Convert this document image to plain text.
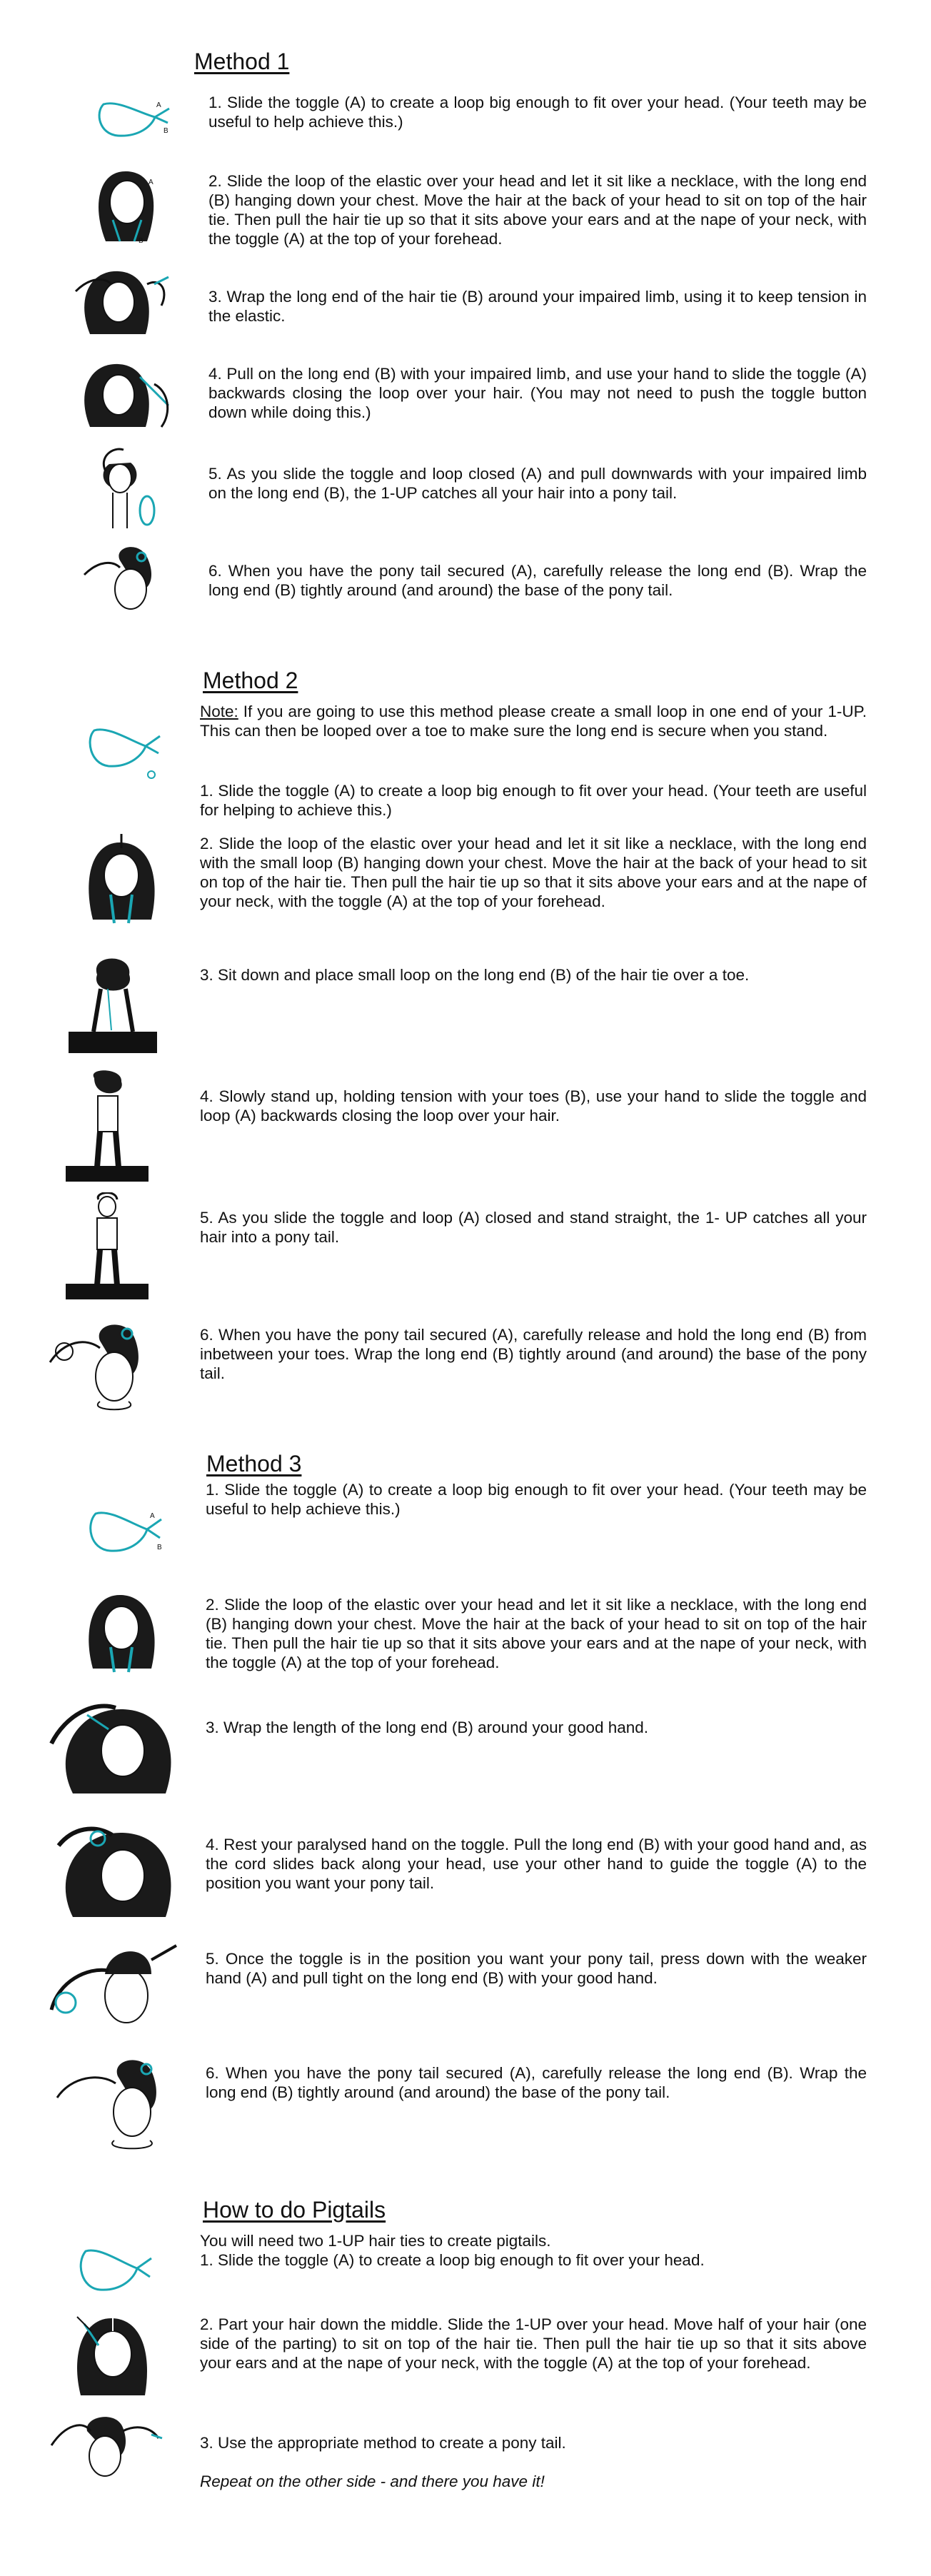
Method 1
A
B

1. Slide the toggle (A) to create a loop big enough to fit over your head. (Your teeth may be useful to help achieve this.)

A
B

2. Slide the loop of the elastic over your head and let it sit like a necklace, with the long end (B) hanging down your chest. Move the hair at the back of your head to sit on top of the hair tie. Then pull the hair tie up so that it sits above your ears and at the nape of your neck, with the toggle (A) at the top of your forehead.

3. Wrap the long end of the hair tie (B) around your impaired limb, using it to keep tension in the elastic.

4. Pull on the long end (B) with your impaired limb, and use your hand to slide the toggle (A) backwards closing the loop over your hair. (You may not need to push the toggle button down while doing this.)

5. As you slide the toggle and loop closed (A) and pull downwards with your impaired limb on the long end (B), the 1-UP catches all your hair into a pony tail.

6. When you have the pony tail secured (A), carefully release the long end (B). Wrap the long end (B) tightly around (and around) the base of the pony tail.

Method 2

Note: If you are going to use this method please create a small loop in one end of your 1-UP. This can then be looped over a toe to make sure the long end is secure when you stand.

1. Slide the toggle (A) to create a loop big enough to fit over your head. (Your teeth are useful for helping to achieve this.)

2. Slide the loop of the elastic over your head and let it sit like a necklace, with the long end with the small loop (B) hanging down your chest. Move the hair at the back of your head to sit on top of the hair tie. Then pull the hair tie up so that it sits above your ears and at the nape of your neck, with the toggle (A) at the top of your forehead.

3. Sit down and place small loop on the long end (B) of the hair tie over a toe.

4. Slowly stand up, holding tension with your toes (B), use your hand to slide the toggle and loop (A) backwards closing the loop over your hair.

5. As you slide the toggle and loop (A) closed and stand straight, the 1- UP catches all your hair into a pony tail.

6. When you have the pony tail secured (A), carefully release and hold the long end (B) from inbetween your toes. Wrap the long end (B) tightly around (and around) the base of the pony tail.

Method 3
A
B

1. Slide the toggle (A) to create a loop big enough to fit over your head. (Your teeth may be useful to help achieve this.)

2. Slide the loop of the elastic over your head and let it sit like a necklace, with the long end (B) hanging down your chest. Move the hair at the back of your head to sit on top of the hair tie. Then pull the hair tie up so that it sits above your ears and at the nape of your neck, with the toggle (A) at the top of your forehead.

3. Wrap the length of the long end (B) around your good hand.

4. Rest your paralysed hand on the toggle. Pull the long end (B) with your good hand and, as the cord slides back along your head, use your other hand to guide the toggle (A) to the position you want your pony tail.

5. Once the toggle is in the position you want your pony tail, press down with the weaker hand (A) and pull tight on the long end (B) with your good hand.

6. When you have the pony tail secured (A), carefully release the long end (B). Wrap the long end (B) tightly around (and around) the base of the pony tail.

How to do Pigtails

You will need two 1-UP hair ties to create pigtails.

1. Slide the toggle (A) to create a loop big enough to fit over your head.

2. Part your hair down the middle. Slide the 1-UP over your head. Move half of your hair (one side of the parting) to sit on top of the hair tie. Then pull the hair tie up so that it sits above your ears and at the nape of your neck, with the toggle (A) at the top of your forehead.

3. Use the appropriate method to create a pony tail.

Repeat on the other side - and there you have it!
